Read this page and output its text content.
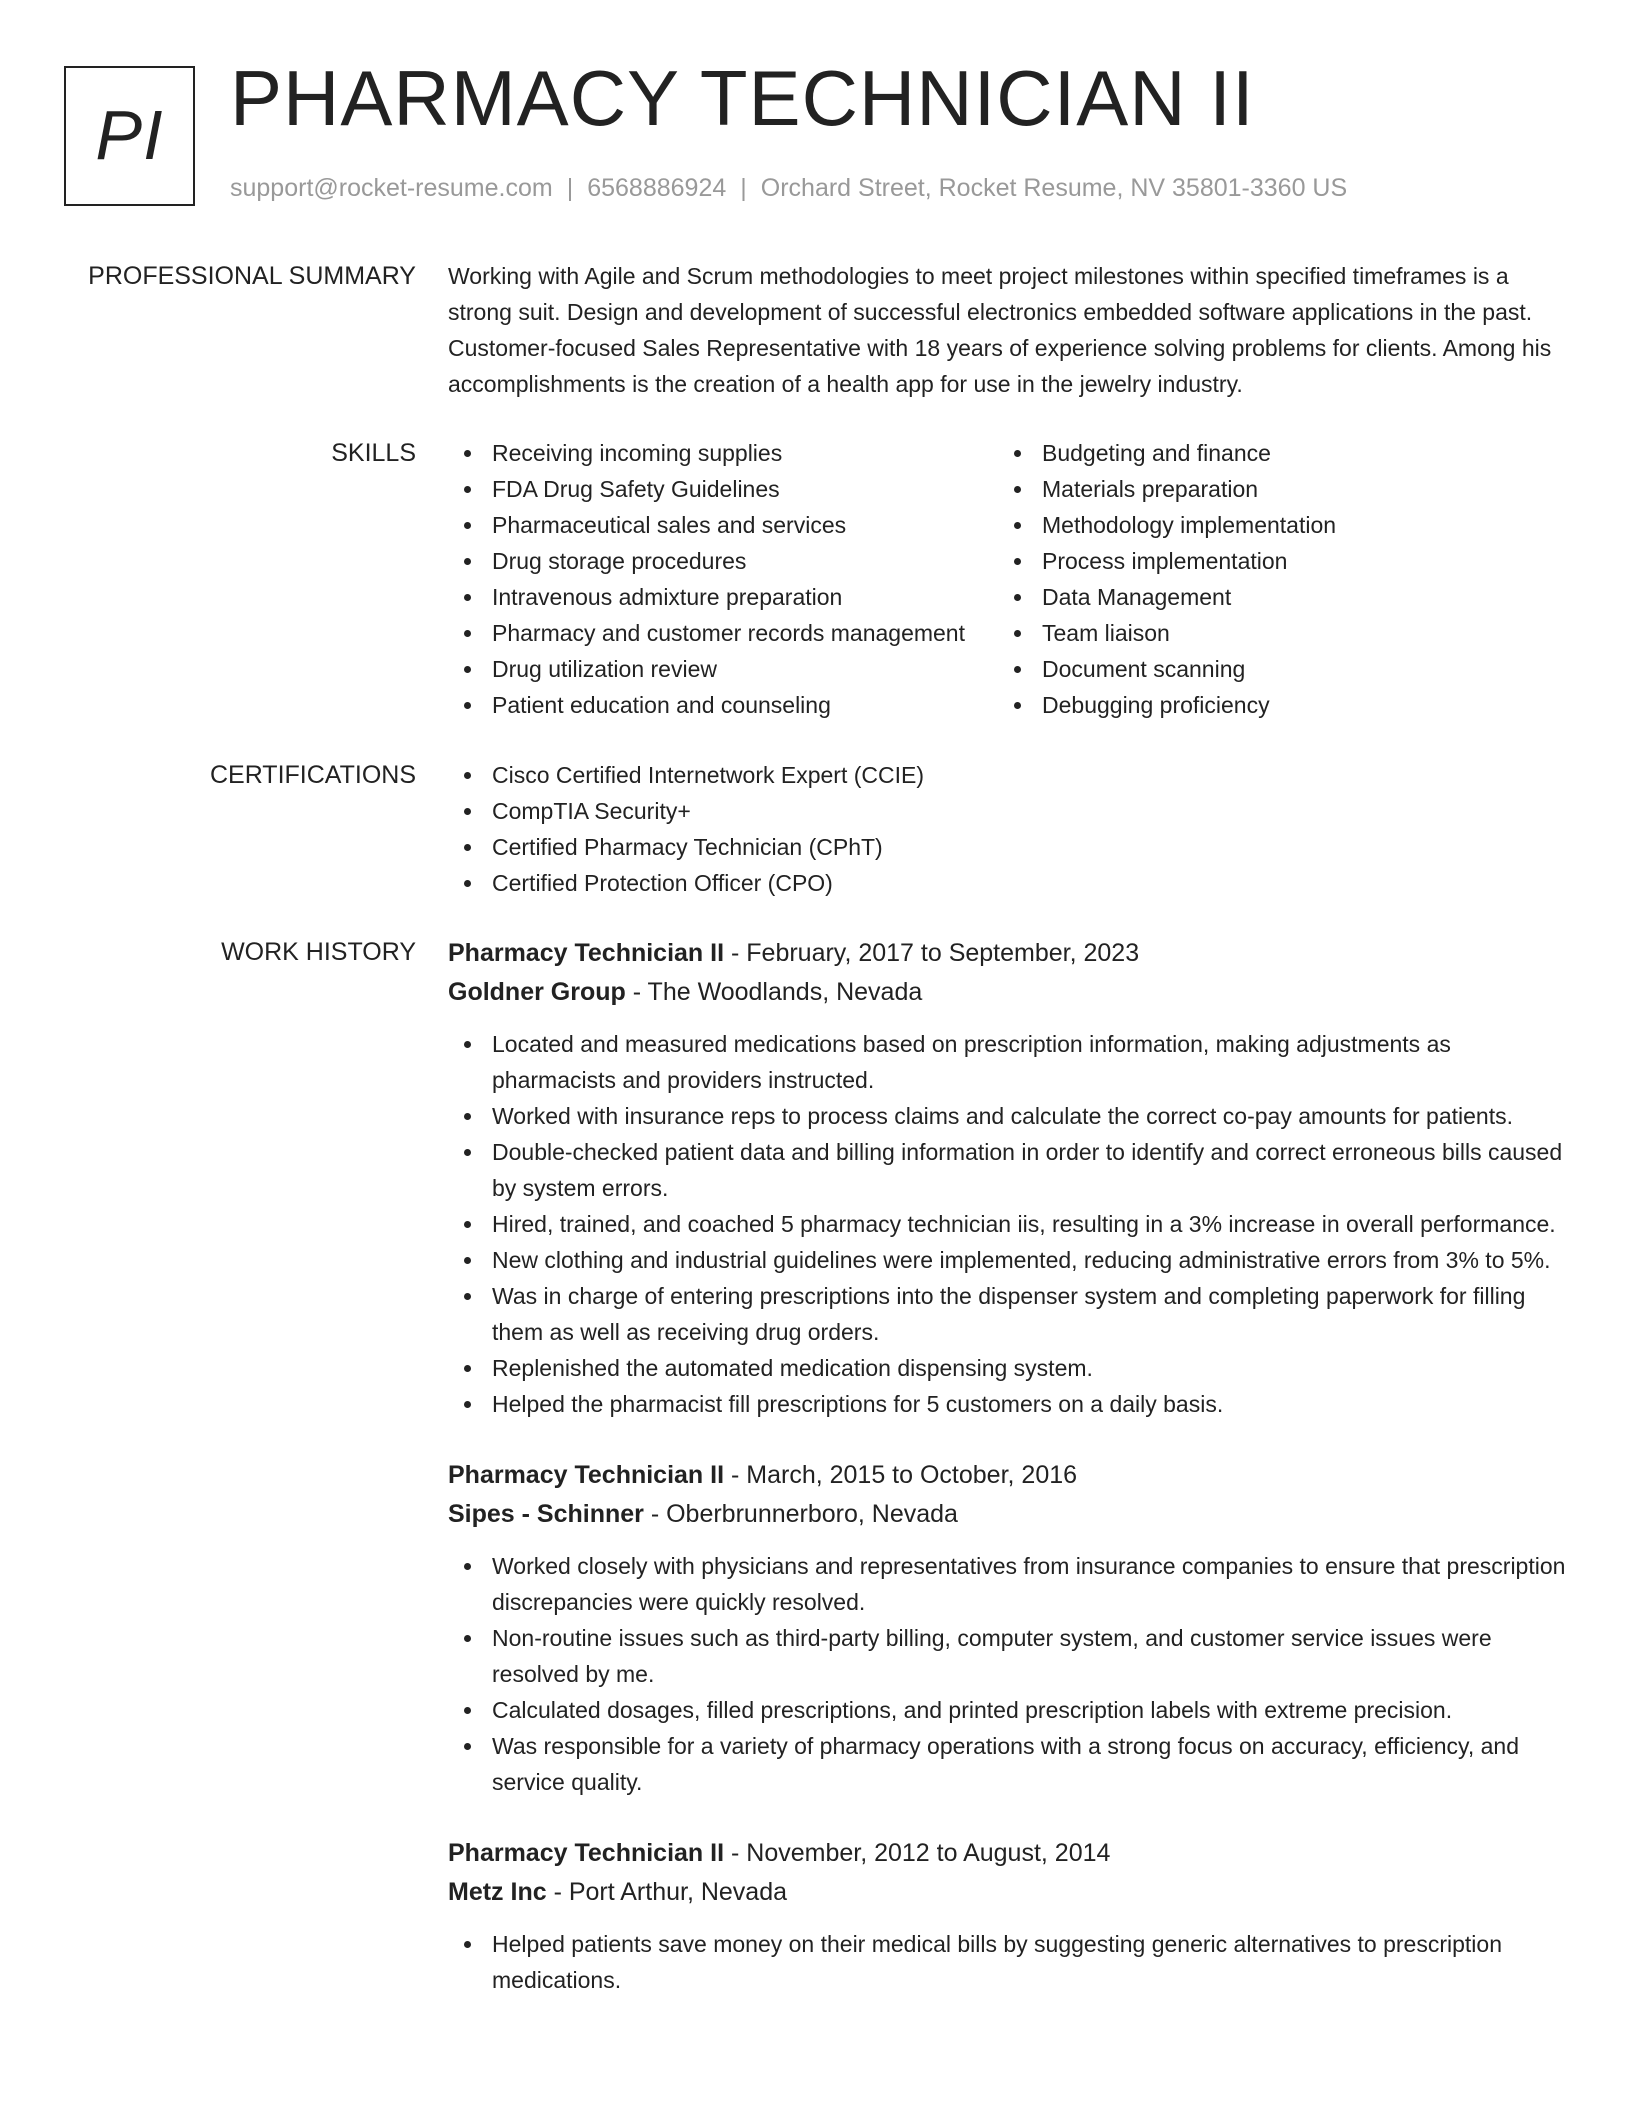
PI PHARMACY TECHNICIAN II
support@rocket-resume.com | 6568886924 | Orchard Street, Rocket Resume, NV 35801-3360 US
PROFESSIONAL SUMMARY Working with Agile and Scrum methodologies to meet project milestones within specified timeframes is a strong suit. Design and development of successful electronics embedded software applications in the past. Customer-focused Sales Representative with 18 years of experience solving problems for clients. Among his accomplishments is the creation of a health app for use in the jewelry industry.

SKILLS	Receiving incoming supplies
FDA Drug Safety Guidelines
Pharmaceutical sales and services
Drug storage procedures
Intravenous admixture preparation
Pharmacy and customer records management
Drug utilization review
Patient education and counseling
Budgeting and finance
Materials preparation
Methodology implementation
Process implementation
Data Management
Team liaison
Document scanning
Debugging proficiency
CERTIFICATIONS	Cisco Certified Internetwork Expert (CCIE)
CompTIA Security+
Certified Pharmacy Technician (CPhT)
Certified Protection Officer (CPO)
WORK HISTORY Pharmacy Technician II - February, 2017 to September, 2023
Goldner Group - The Woodlands, Nevada
Located and measured medications based on prescription information, making adjustments as pharmacists and providers instructed.
Worked with insurance reps to process claims and calculate the correct co-pay amounts for patients.
Double-checked patient data and billing information in order to identify and correct erroneous bills caused by system errors.
Hired, trained, and coached 5 pharmacy technician iis, resulting in a 3% increase in overall performance.
New clothing and industrial guidelines were implemented, reducing administrative errors from 3% to 5%.
Was in charge of entering prescriptions into the dispenser system and completing paperwork for filling them as well as receiving drug orders.
Replenished the automated medication dispensing system.
Helped the pharmacist fill prescriptions for 5 customers on a daily basis.
Pharmacy Technician II - March, 2015 to October, 2016
Sipes - Schinner - Oberbrunnerboro, Nevada
Worked closely with physicians and representatives from insurance companies to ensure that prescription discrepancies were quickly resolved.
Non-routine issues such as third-party billing, computer system, and customer service issues were resolved by me.
Calculated dosages, filled prescriptions, and printed prescription labels with extreme precision.
Was responsible for a variety of pharmacy operations with a strong focus on accuracy, efficiency, and service quality.
Pharmacy Technician II - November, 2012 to August, 2014
Metz Inc - Port Arthur, Nevada
Helped patients save money on their medical bills by suggesting generic alternatives to prescription medications.
